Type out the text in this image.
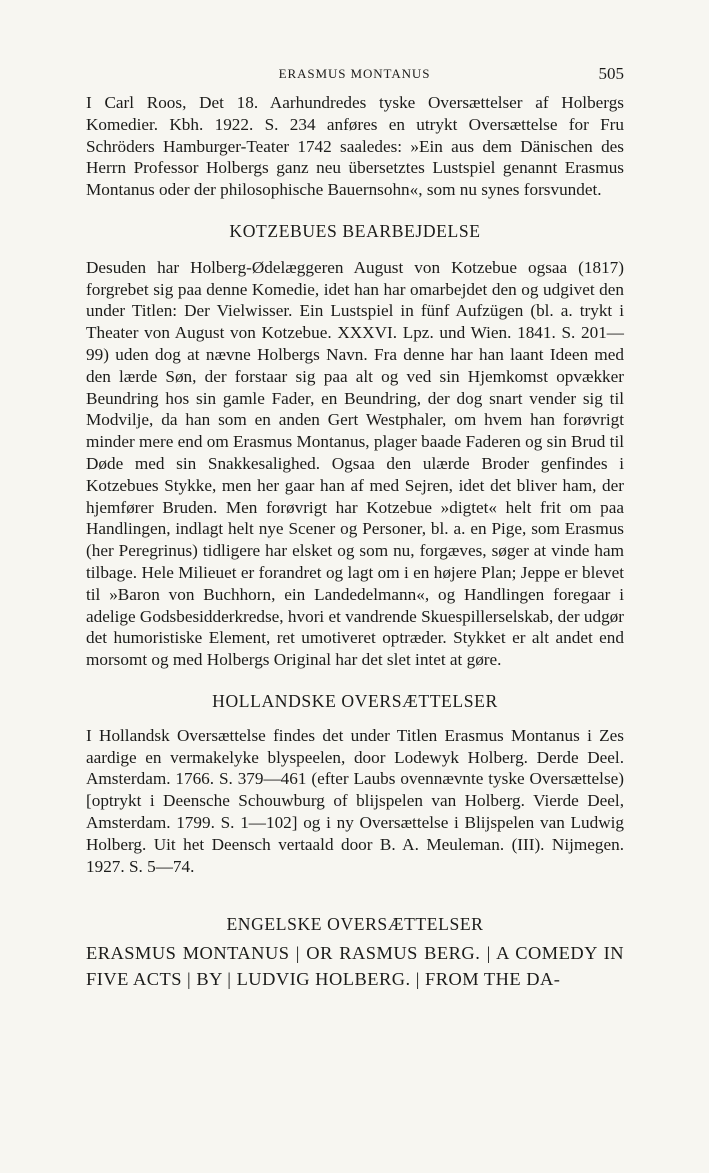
ERASMUS MONTANUS	505

I Carl Roos, Det 18. Aarhundredes tyske Oversættelser af Holbergs Komedier. Kbh. 1922. S. 234 anføres en utrykt Oversættelse for Fru Schröders Hamburger-Teater 1742 saaledes: »Ein aus dem Dänischen des Herrn Professor Holbergs ganz neu übersetztes Lustspiel genannt Erasmus Montanus oder der philosophische Bauernsohn«, som nu synes forsvundet.

KOTZEBUES BEARBEJDELSE

Desuden har Holberg-Ødelæggeren August von Kotzebue ogsaa (1817) forgrebet sig paa denne Komedie, idet han har omarbejdet den og udgivet den under Titlen: Der Vielwisser. Ein Lustspiel in fünf Aufzügen (bl. a. trykt i Theater von August von Kotzebue. XXXVI. Lpz. und Wien. 1841. S. 201—99) uden dog at nævne Holbergs Navn. Fra denne har han laant Ideen med den lærde Søn, der forstaar sig paa alt og ved sin Hjemkomst opvækker Beundring hos sin gamle Fader, en Beundring, der dog snart vender sig til Modvilje, da han som en anden Gert Westphaler, om hvem han forøvrigt minder mere end om Erasmus Montanus, plager baade Faderen og sin Brud til Døde med sin Snakkesalighed. Ogsaa den ulærde Broder genfindes i Kotzebues Stykke, men her gaar han af med Sejren, idet det bliver ham, der hjemfører Bruden. Men forøvrigt har Kotzebue »digtet« helt frit om paa Handlingen, indlagt helt nye Scener og Personer, bl. a. en Pige, som Erasmus (her Peregrinus) tidligere har elsket og som nu, forgæves, søger at vinde ham tilbage. Hele Milieuet er forandret og lagt om i en højere Plan; Jeppe er blevet til »Baron von Buchhorn, ein Landedelmann«, og Handlingen foregaar i adelige Godsbesidderkredse, hvori et vandrende Skuespillerselskab, der udgør det humoristiske Element, ret umotiveret optræder. Stykket er alt andet end morsomt og med Holbergs Original har det slet intet at gøre.

HOLLANDSKE OVERSÆTTELSER

I Hollandsk Oversættelse findes det under Titlen Erasmus Montanus i Zes aardige en vermakelyke blyspeelen, door Lodewyk Holberg. Derde Deel. Amsterdam. 1766. S. 379—461 (efter Laubs ovennævnte tyske Oversættelse) [optrykt i Deensche Schouwburg of blijspelen van Holberg. Vierde Deel, Amsterdam. 1799. S. 1—102] og i ny Oversættelse i Blijspelen van Ludwig Holberg. Uit het Deensch vertaald door B. A. Meuleman. (III). Nijmegen. 1927. S. 5—74.

ENGELSKE OVERSÆTTELSER

ERASMUS MONTANUS | OR RASMUS BERG. | A COMEDY IN FIVE ACTS | BY | LUDVIG HOLBERG. | FROM THE DA-
